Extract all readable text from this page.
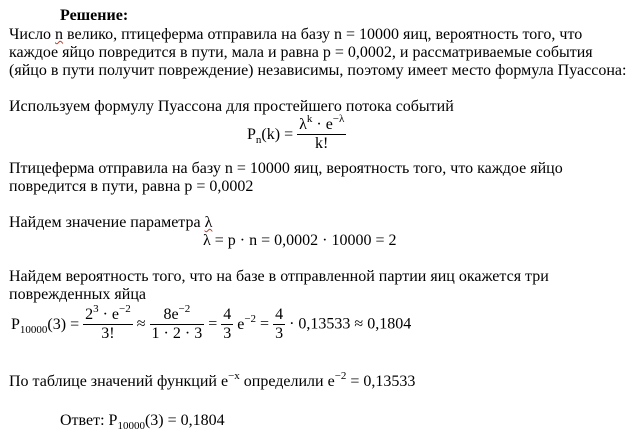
Решение:
Число n велико, птицеферма отправила на базу n = 10000 яиц, вероятность того, что
каждое яйцо повредится в пути, мала и равна p = 0,0002, и рассматриваемые события
(яйцо в пути получит повреждение) независимы, поэтому имеет место формула Пуассона:
Используем формулу Пуассона для простейшего потока событий
$P_n(k) = \frac{\lambda^k \cdot e^{-\lambda}}{k!}$
Птицеферма отправила на базу n = 10000 яиц, вероятность того, что каждое яйцо
повредится в пути, равна p = 0,0002
Найдем значение параметра λ
λ = p · n = 0,0002 · 10000 = 2
Найдем вероятность того, что на базе в отправленной партии яиц окажется три
поврежденных яйца
$P_{10000}(3) = \frac{2^3 \cdot e^{-2}}{3!} \approx \frac{8e^{-2}}{1 \cdot 2 \cdot 3} = \frac{4}{3} e^{-2} = \frac{4}{3} \cdot 0,13533 \approx 0,1804$
По таблице значений функций $e^{-x}$ определили $e^{-2} = 0,13533$
Ответ: $P_{10000}(3) = 0,1804$
